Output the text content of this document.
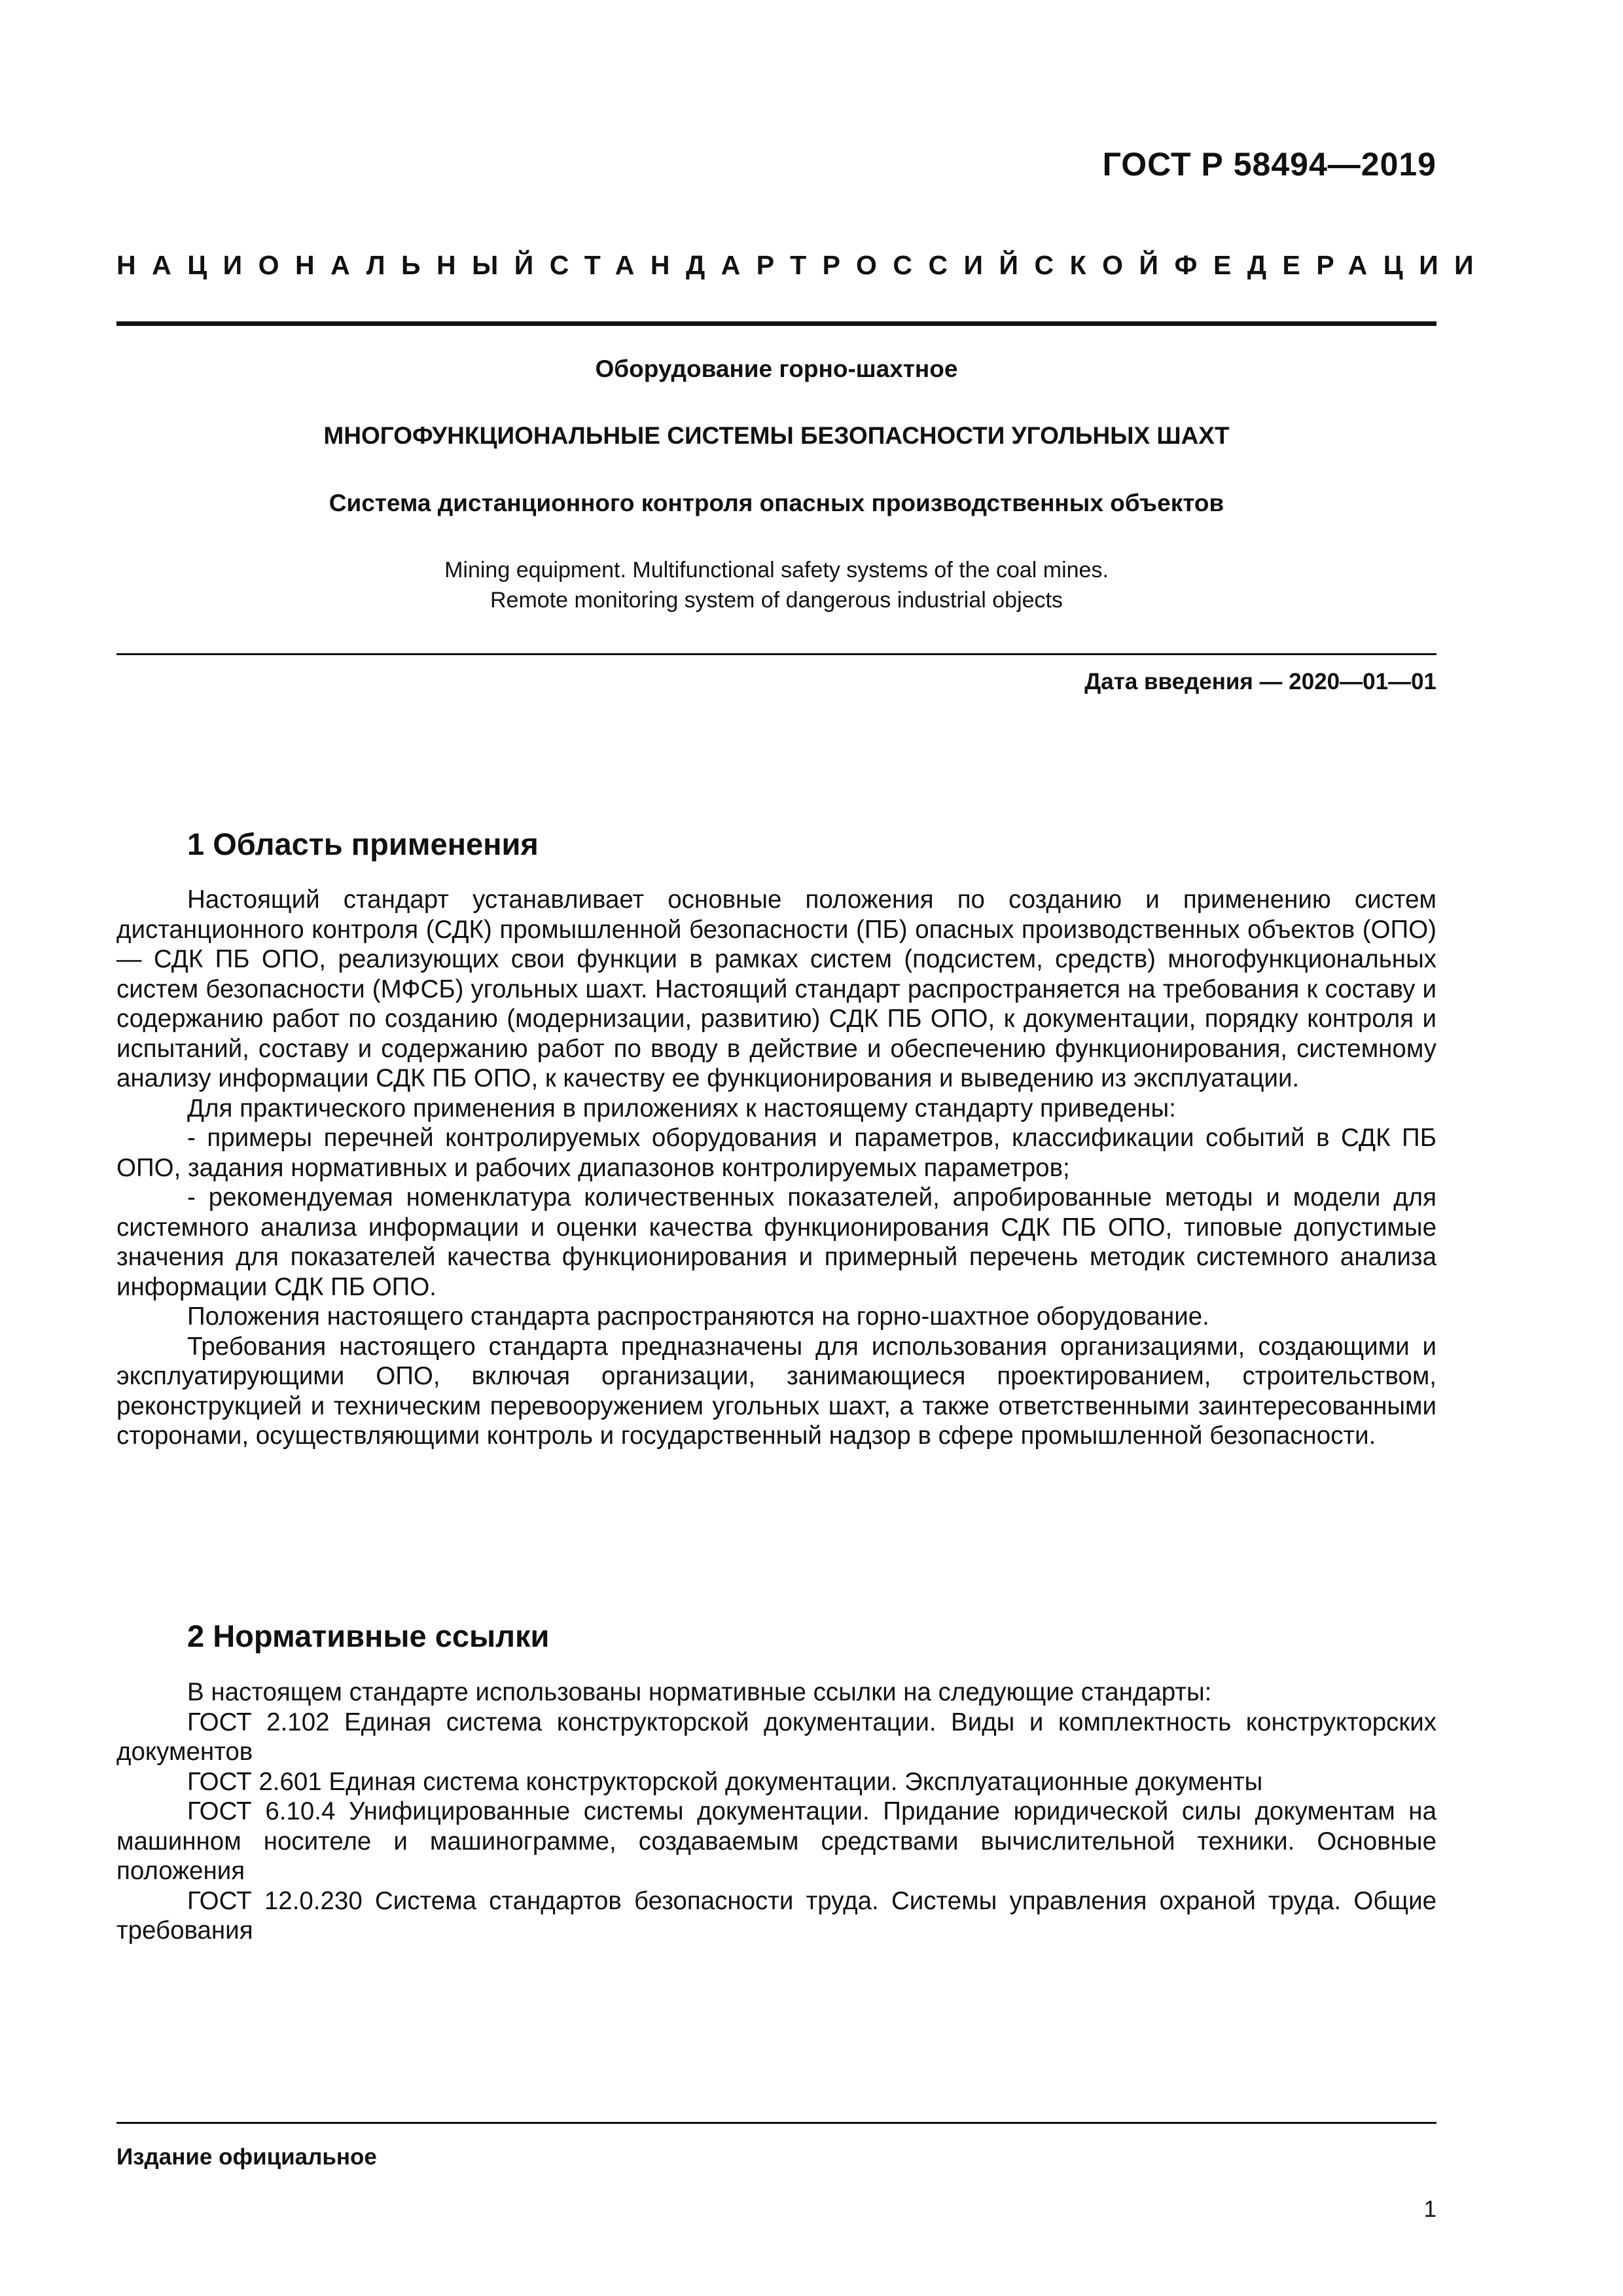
ГОСТ Р 58494—2019
НАЦИОНАЛЬНЫЙ СТАНДАРТ РОССИЙСКОЙ ФЕДЕРАЦИИ
Оборудование горно-шахтное
МНОГОФУНКЦИОНАЛЬНЫЕ СИСТЕМЫ БЕЗОПАСНОСТИ УГОЛЬНЫХ ШАХТ
Система дистанционного контроля опасных производственных объектов
Mining equipment. Multifunctional safety systems of the coal mines.
Remote monitoring system of dangerous industrial objects
Дата введения — 2020—01—01
1 Область применения

Настоящий стандарт устанавливает основные положения по созданию и применению систем дистанционного контроля (СДК) промышленной безопасности (ПБ) опасных производственных объектов (ОПО) — СДК ПБ ОПО, реализующих свои функции в рамках систем (подсистем, средств) многофункциональных систем безопасности (МФСБ) угольных шахт. Настоящий стандарт распространяется на требования к составу и содержанию работ по созданию (модернизации, развитию) СДК ПБ ОПО, к документации, порядку контроля и испытаний, составу и содержанию работ по вводу в действие и обеспечению функционирования, системному анализу информации СДК ПБ ОПО, к качеству ее функционирования и выведению из эксплуатации.

Для практического применения в приложениях к настоящему стандарту приведены:

- примеры перечней контролируемых оборудования и параметров, классификации событий в СДК ПБ ОПО, задания нормативных и рабочих диапазонов контролируемых параметров;

- рекомендуемая номенклатура количественных показателей, апробированные методы и модели для системного анализа информации и оценки качества функционирования СДК ПБ ОПО, типовые допустимые значения для показателей качества функционирования и примерный перечень методик системного анализа информации СДК ПБ ОПО.

Положения настоящего стандарта распространяются на горно-шахтное оборудование.

Требования настоящего стандарта предназначены для использования организациями, создающими и эксплуатирующими ОПО, включая организации, занимающиеся проектированием, строительством, реконструкцией и техническим перевооружением угольных шахт, а также ответственными заинтересованными сторонами, осуществляющими контроль и государственный надзор в сфере промышленной безопасности.

2 Нормативные ссылки

В настоящем стандарте использованы нормативные ссылки на следующие стандарты:

ГОСТ 2.102 Единая система конструкторской документации. Виды и комплектность конструкторских документов

ГОСТ 2.601 Единая система конструкторской документации. Эксплуатационные документы

ГОСТ 6.10.4 Унифицированные системы документации. Придание юридической силы документам на машинном носителе и машинограмме, создаваемым средствами вычислительной техники. Основные положения

ГОСТ 12.0.230 Система стандартов безопасности труда. Системы управления охраной труда. Общие требования

Издание официальное
1
